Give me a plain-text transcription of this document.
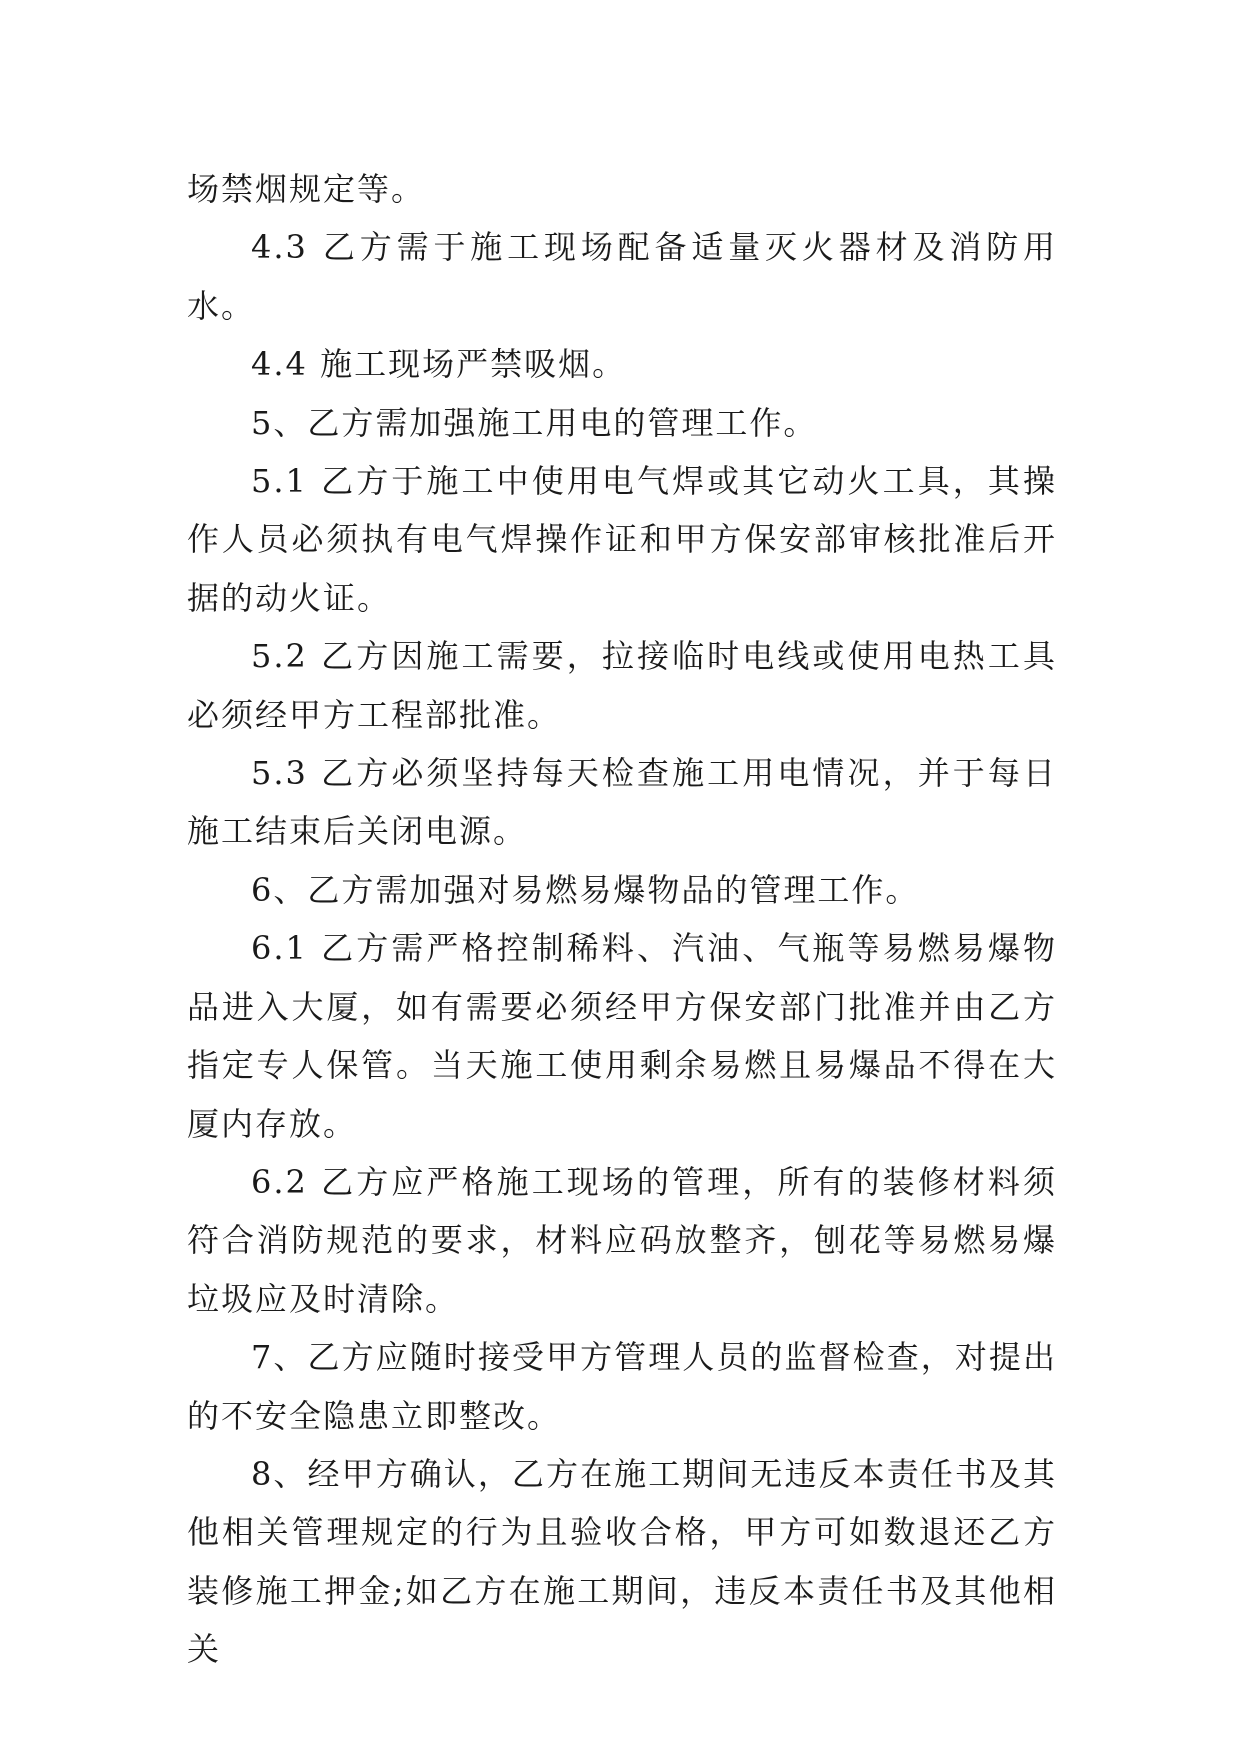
场禁烟规定等。

4.3 乙方需于施工现场配备适量灭火器材及消防用水。

4.4 施工现场严禁吸烟。

5、乙方需加强施工用电的管理工作。

5.1 乙方于施工中使用电气焊或其它动火工具，其操作人员必须执有电气焊操作证和甲方保安部审核批准后开据的动火证。

5.2 乙方因施工需要，拉接临时电线或使用电热工具必须经甲方工程部批准。

5.3 乙方必须坚持每天检查施工用电情况，并于每日施工结束后关闭电源。

6、乙方需加强对易燃易爆物品的管理工作。

6.1 乙方需严格控制稀料、汽油、气瓶等易燃易爆物品进入大厦，如有需要必须经甲方保安部门批准并由乙方指定专人保管。当天施工使用剩余易燃且易爆品不得在大厦内存放。

6.2 乙方应严格施工现场的管理，所有的装修材料须符合消防规范的要求，材料应码放整齐，刨花等易燃易爆垃圾应及时清除。

7、乙方应随时接受甲方管理人员的监督检查，对提出的不安全隐患立即整改。

8、经甲方确认，乙方在施工期间无违反本责任书及其他相关管理规定的行为且验收合格，甲方可如数退还乙方装修施工押金;如乙方在施工期间，违反本责任书及其他相关
